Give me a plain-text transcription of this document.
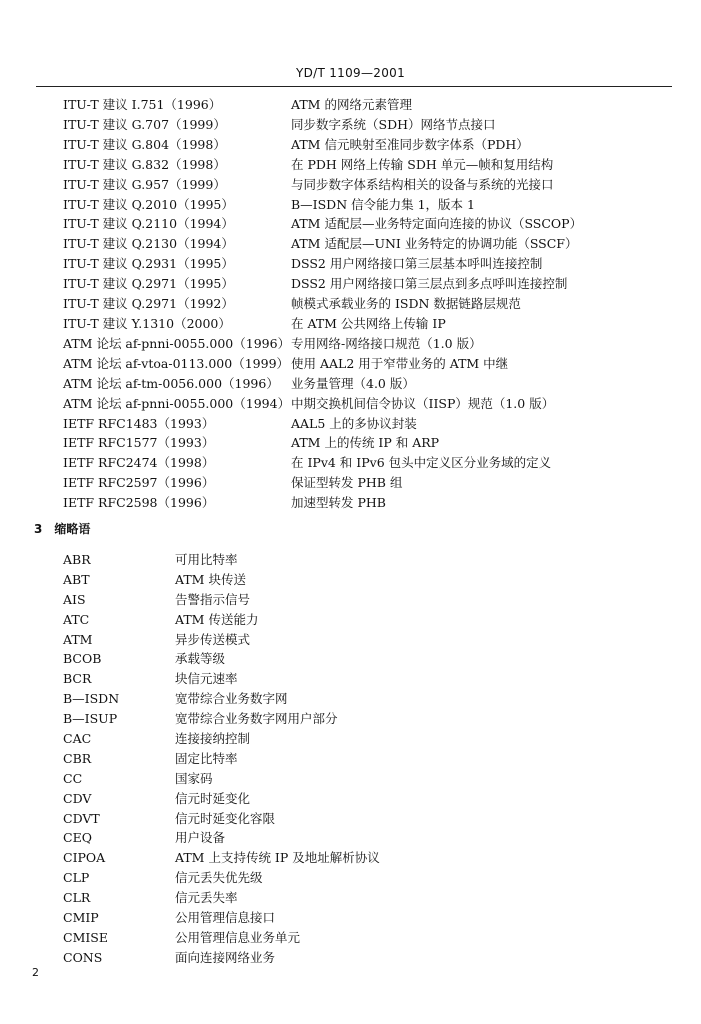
YD/T 1109—2001
ITU-T 建议 I.751（1996）	ATM 的网络元素管理
ITU-T 建议 G.707（1999）	同步数字系统（SDH）网络节点接口
ITU-T 建议 G.804（1998）	ATM 信元映射至准同步数字体系（PDH）
ITU-T 建议 G.832（1998）	在 PDH 网络上传输 SDH 单元—帧和复用结构
ITU-T 建议 G.957（1999）	与同步数字体系结构相关的设备与系统的光接口
ITU-T 建议 Q.2010（1995）	B—ISDN 信令能力集 1，版本 1
ITU-T 建议 Q.2110（1994）	ATM 适配层—业务特定面向连接的协议（SSCOP）
ITU-T 建议 Q.2130（1994）	ATM 适配层—UNI 业务特定的协调功能（SSCF）
ITU-T 建议 Q.2931（1995）	DSS2 用户网络接口第三层基本呼叫连接控制
ITU-T 建议 Q.2971（1995）	DSS2 用户网络接口第三层点到多点呼叫连接控制
ITU-T 建议 Q.2971（1992）	帧模式承载业务的 ISDN 数据链路层规范
ITU-T 建议 Y.1310（2000）	在 ATM 公共网络上传输 IP
ATM 论坛 af-pnni-0055.000（1996） 专用网络-网络接口规范（1.0 版）
ATM 论坛 af-vtoa-0113.000（1999） 使用 AAL2 用于窄带业务的 ATM 中继
ATM 论坛 af-tm-0056.000（1996） 业务量管理（4.0 版）
ATM 论坛 af-pnni-0055.000（1994） 中期交换机间信令协议（IISP）规范（1.0 版）
IETF RFC1483（1993）	AAL5 上的多协议封装
IETF RFC1577（1993）	ATM 上的传统 IP 和 ARP
IETF RFC2474（1998）	在 IPv4 和 IPv6 包头中定义区分业务域的定义
IETF RFC2597（1996）	保证型转发 PHB 组
IETF RFC2598（1996）	加速型转发 PHB
3 缩略语
ABR	可用比特率
ABT	ATM 块传送
AIS	告警指示信号
ATC	ATM 传送能力
ATM	异步传送模式
BCOB	承载等级
BCR	块信元速率
B—ISDN	宽带综合业务数字网
B—ISUP	宽带综合业务数字网用户部分
CAC	连接接纳控制
CBR	固定比特率
CC	国家码
CDV	信元时延变化
CDVT	信元时延变化容限
CEQ	用户设备
CIPOA	ATM 上支持传统 IP 及地址解析协议
CLP	信元丢失优先级
CLR	信元丢失率
CMIP	公用管理信息接口
CMISE	公用管理信息业务单元
CONS	面向连接网络业务
2
